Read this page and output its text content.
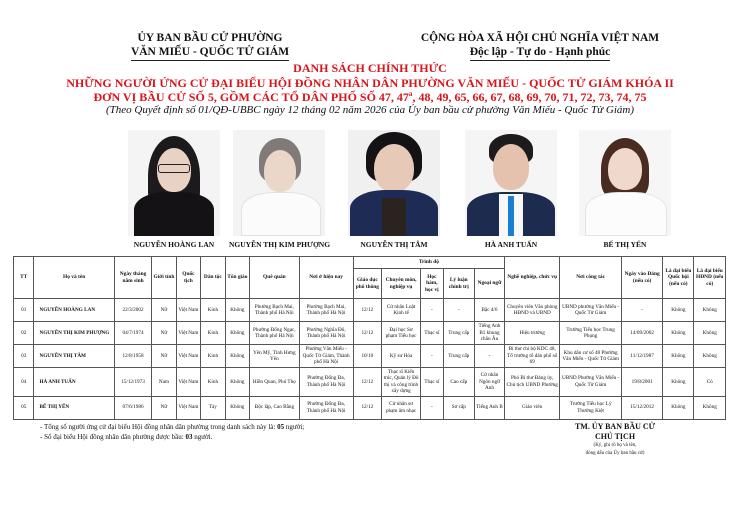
ỦY BAN BẦU CỬ PHƯỜNG
VĂN MIẾU - QUỐC TỬ GIÁM
CỘNG HÒA XÃ HỘI CHỦ NGHĨA VIỆT NAM
Độc lập - Tự do - Hạnh phúc
DANH SÁCH CHÍNH THỨC
NHỮNG NGƯỜI ỨNG CỬ ĐẠI BIỂU HỘI ĐỒNG NHÂN DÂN PHƯỜNG VĂN MIẾU - QUỐC TỬ GIÁM KHÓA II
ĐƠN VỊ BẦU CỬ SỐ 5, GỒM CÁC TỔ DÂN PHỐ SỐ 47, 47ª, 48, 49, 65, 66, 67, 68, 69, 70, 71, 72, 73, 74, 75
(Theo Quyết định số 01/QĐ-UBBC ngày 12 tháng 02 năm 2026 của Ủy ban bầu cử phường Văn Miếu - Quốc Tử Giám)
NGUYỄN HOÀNG LAN	NGUYỄN THỊ KIM PHƯỢNG	NGUYỄN THỊ TÂM	HÀ ANH TUẤN	BẾ THỊ YẾN
TT	Họ và tên	Ngày tháng năm sinh	Giới tính	Quốc tịch	Dân tộc	Tôn giáo	Quê quán	Nơi ở hiện nay	Trình độ					Nghề nghiệp, chức vụ	Nơi công tác	Ngày vào Đảng (nếu có)	Là đại biểu Quốc hội (nếu có)	Là đại biểu HĐND (nếu có)
									Giáo dục phổ thông	Chuyên môn, nghiệp vụ	Học hàm, học vị	Lý luận chính trị	Ngoại ngữ					
01	NGUYỄN HOÀNG LAN	22/3/2002	Nữ	Việt Nam	Kinh	Không	Phường Bạch Mai, Thành phố Hà Nội	Phường Bạch Mai, Thành phố Hà Nội	12/12	Cử nhân Luật Kinh tế	-	-	Bậc 4/6	Chuyên viên Văn phòng HĐND và UBND	UBND phường Văn Miếu - Quốc Tử Giám	-	Không	Không
02	NGUYỄN THỊ KIM PHƯỢNG	04/7/1974	Nữ	Việt Nam	Kinh	Không	Phường Đống Ngạc, Thành phố Hà Nội	Phường Nghĩa Đô, Thành phố Hà Nội	12/12	Đại học Sư phạm Tiểu học	Thạc sĩ	Trung cấp	Tiếng Anh B1 khung châu Âu	Hiệu trưởng	Trường Tiểu học Trung Phụng	14/09/2002	Không	Không
03	NGUYỄN THỊ TÂM	12/8/1958	Nữ	Việt Nam	Kinh	Không	Yên Mỹ, Tỉnh Hưng Yên	Phường Văn Miếu - Quốc Tử Giám, Thành phố Hà Nội	10/10	Kỹ sư Hóa	-	Trung cấp	-	Bí thư chi bộ KDC 48, Tổ trưởng tổ dân phố số 69	Khu dân cư số 48 Phường Văn Miếu - Quốc Tử Giám	11/12/1987	Không	Không
04	HÀ ANH TUẤN	15/12/1973	Nam	Việt Nam	Kinh	Không	Hiền Quan, Phú Thọ	Phường Đống Đa, Thành phố Hà Nội	12/12	Thạc sĩ Kiến trúc, Quản lý Đô thị và công trình xây dựng	Thạc sĩ	Cao cấp	Cử nhân Ngôn ngữ Anh	Phó Bí thư Đảng ủy, Chủ tịch UBND Phường	UBND Phường Văn Miếu - Quốc Tử Giám	19/8/2001	Không	Có
05	BẾ THỊ YẾN	07/6/1986	Nữ	Việt Nam	Tày	Không	Độc lập, Cao Bằng	Phường Đống Đa, Thành phố Hà Nội	12/12	Cử nhân sư phạm âm nhạc	-	Sơ cấp	Tiếng Anh B	Giáo viên	Trường Tiểu học Lý Thường Kiệt	15/12/2012	Không	Không
- Tổng số người ứng cử đại biểu Hội đồng nhân dân phường trong danh sách này là: 05 người;
- Số đại biểu Hội đồng nhân dân phường được bầu: 03 người.
TM. ỦY BAN BẦU CỬ
CHỦ TỊCH
(Ký, ghi rõ họ và tên,
đóng dấu của Ủy ban bầu cử)
